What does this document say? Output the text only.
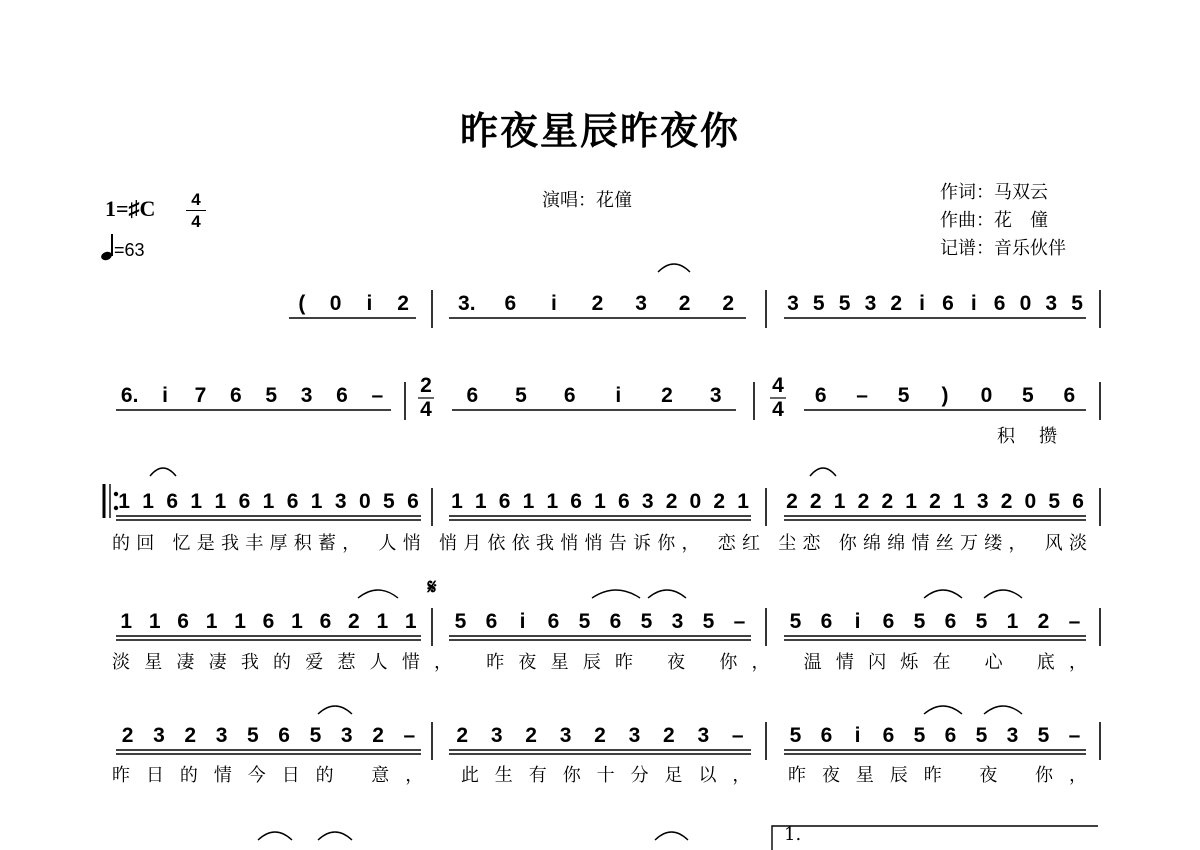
昨夜星辰昨夜你
演唱：花僮	作词：马双云
作曲：花　僮
记谱：音乐伙伴
1=♯C	4
4
=63
( 0 i 2 3. 6 i 2 3 2 2	3 5 5 3 2 i 6 i 6 0 3 5
6. i 7 6 5 3 6 – 2
4
6 5 6 i 2 3 4
4
6 – 5 ) 0 5 6
积 攒
1 1 6 1 1 6 1 6 1 3 0 5 6 1 1 6 1 1 6 1 6 3 2 0 2 1 2 2 1 2 2 1 2 1 3 2 0 5 6
的回 忆是我丰厚积蓄， 人悄 悄月依依我悄悄告诉你， 恋红 尘恋 你绵绵情丝万缕， 风淡
1 1 6 1 1 6 1 6 2 1 1 5 6 i 6 5 6 5 3 5 – 5 6 i 6 5 6 5 1 2 –
淡星凄凄我的爱惹人惜， 昨夜星辰昨 夜 你， 温情闪烁在 心 底，
2 3 2 3 5 6 5 3 2 – 2 3 2 3 2 3 2 3 – 5 6 i 6 5 6 5 3 5 –
昨日的情今日的 意， 此生有你十分足以， 昨夜星辰昨 夜 你，
𝄋
1.
